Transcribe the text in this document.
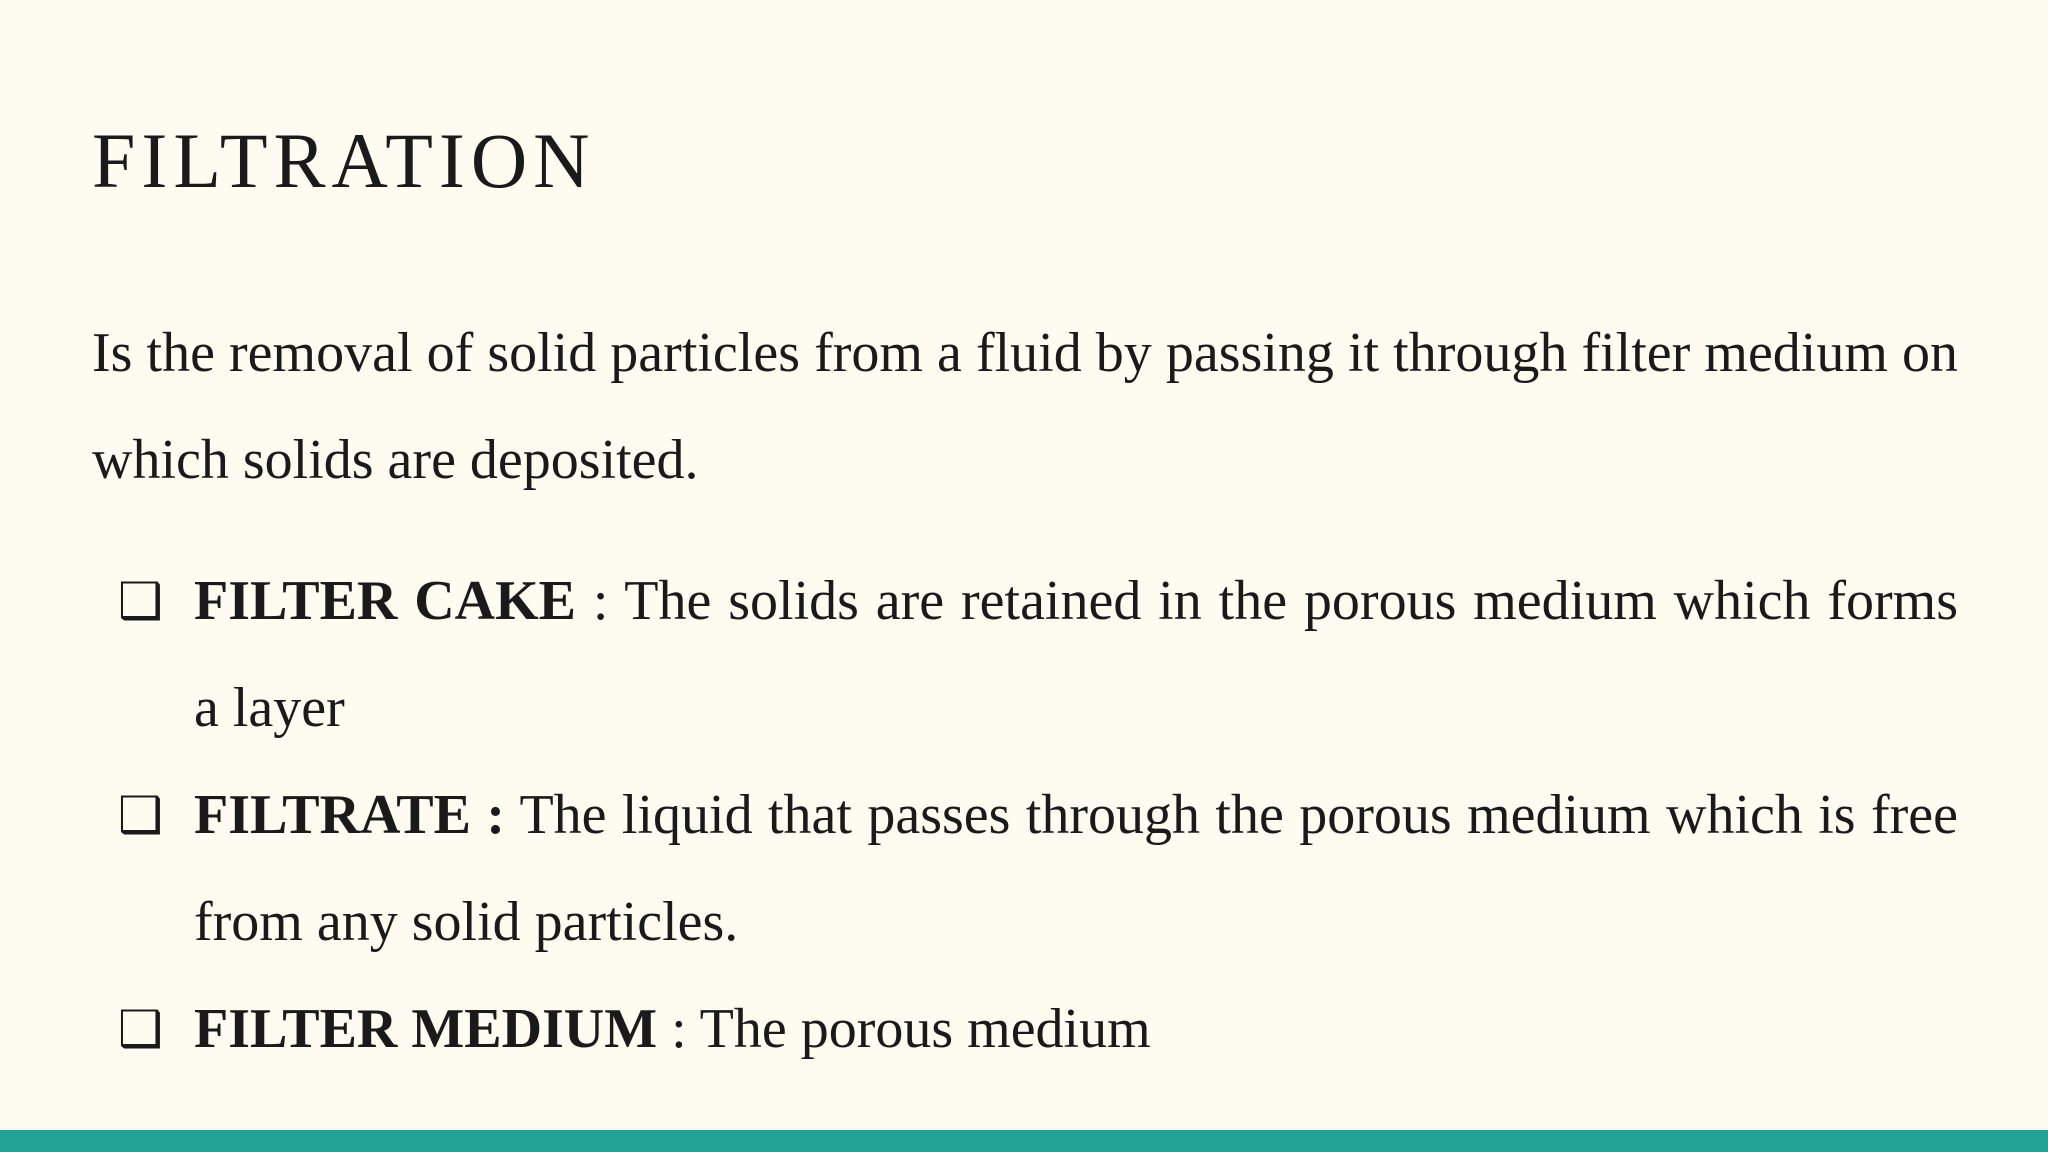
FILTRATION

Is the removal of solid particles from a fluid by passing it through filter medium on which solids are deposited.

❑ FILTER CAKE : The solids are retained in the porous medium which forms a layer
❑ FILTRATE : The liquid that passes through the porous medium which is free from any solid particles.
❑ FILTER MEDIUM : The porous medium
